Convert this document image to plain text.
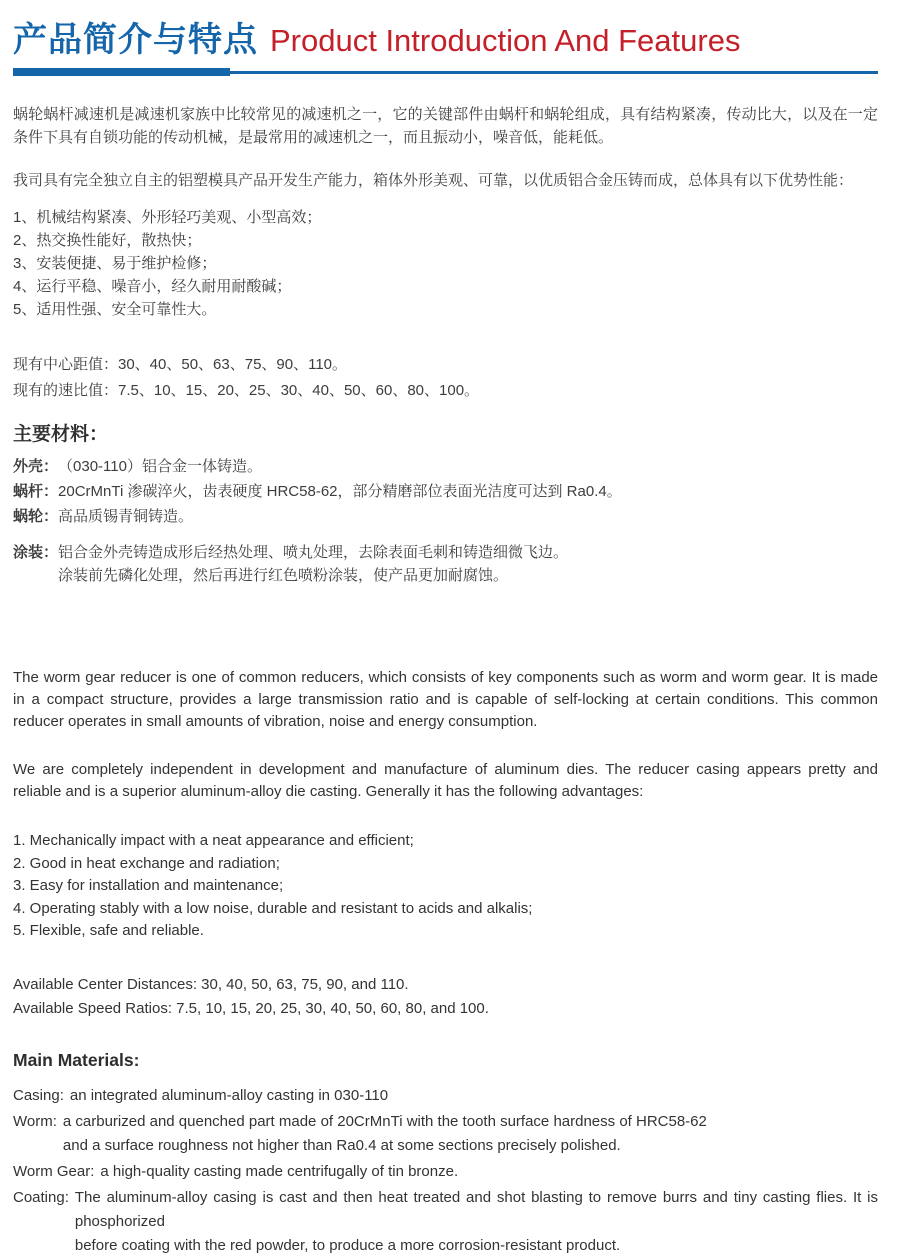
产品简介与特点 Product Introduction And Features
蜗轮蜗杆减速机是减速机家族中比较常见的减速机之一，它的关键部件由蜗杆和蜗轮组成，具有结构紧凑，传动比大，以及在一定条件下具有自锁功能的传动机械，是最常用的减速机之一，而且振动小，噪音低，能耗低。
我司具有完全独立自主的铝塑模具产品开发生产能力，箱体外形美观、可靠，以优质铝合金压铸而成，总体具有以下优势性能：
1、机械结构紧凑、外形轻巧美观、小型高效；
2、热交换性能好，散热快；
3、安装便捷、易于维护检修；
4、运行平稳、噪音小，经久耐用耐酸碱；
5、适用性强、安全可靠性大。
现有中心距值：30、40、50、63、75、90、110。
现有的速比值：7.5、10、15、20、25、30、40、50、60、80、100。
主要材料：
外壳： （030-110）铝合金一体铸造。
蜗杆： 20CrMnTi 渗碳淬火，齿表硬度 HRC58-62，部分精磨部位表面光洁度可达到 Ra0.4。
蜗轮： 高品质锡青铜铸造。
涂装： 铝合金外壳铸造成形后经热处理、喷丸处理，去除表面毛刺和铸造细微飞边。
涂装前先磷化处理，然后再进行红色喷粉涂装，使产品更加耐腐蚀。
The worm gear reducer is one of common reducers, which consists of key components such as worm and worm gear. It is made in a compact structure, provides a large transmission ratio and is capable of self-locking at certain conditions. This common reducer operates in small amounts of vibration, noise and energy consumption.
We are completely independent in development and manufacture of aluminum dies. The reducer casing appears pretty and reliable and is a superior aluminum-alloy die casting. Generally it has the following advantages:
1. Mechanically impact with a neat appearance and efficient;
2. Good in heat exchange and radiation;
3. Easy for installation and maintenance;
4. Operating stably with a low noise, durable and resistant to acids and alkalis;
5. Flexible, safe and reliable.
Available Center Distances: 30, 40, 50, 63, 75, 90, and 110.
Available Speed Ratios: 7.5, 10, 15, 20, 25, 30, 40, 50, 60, 80, and 100.
Main Materials:
Casing: an integrated aluminum-alloy casting in 030-110
Worm: a carburized and quenched part made of 20CrMnTi with the tooth surface hardness of HRC58-62
and a surface roughness not higher than Ra0.4 at some sections precisely polished.
Worm Gear: a high-quality casting made centrifugally of tin bronze.
Coating: The aluminum-alloy casing is cast and then heat treated and shot blasting to remove burrs and tiny casting flies. It is phosphorized
before coating with the red powder, to produce a more corrosion-resistant product.
